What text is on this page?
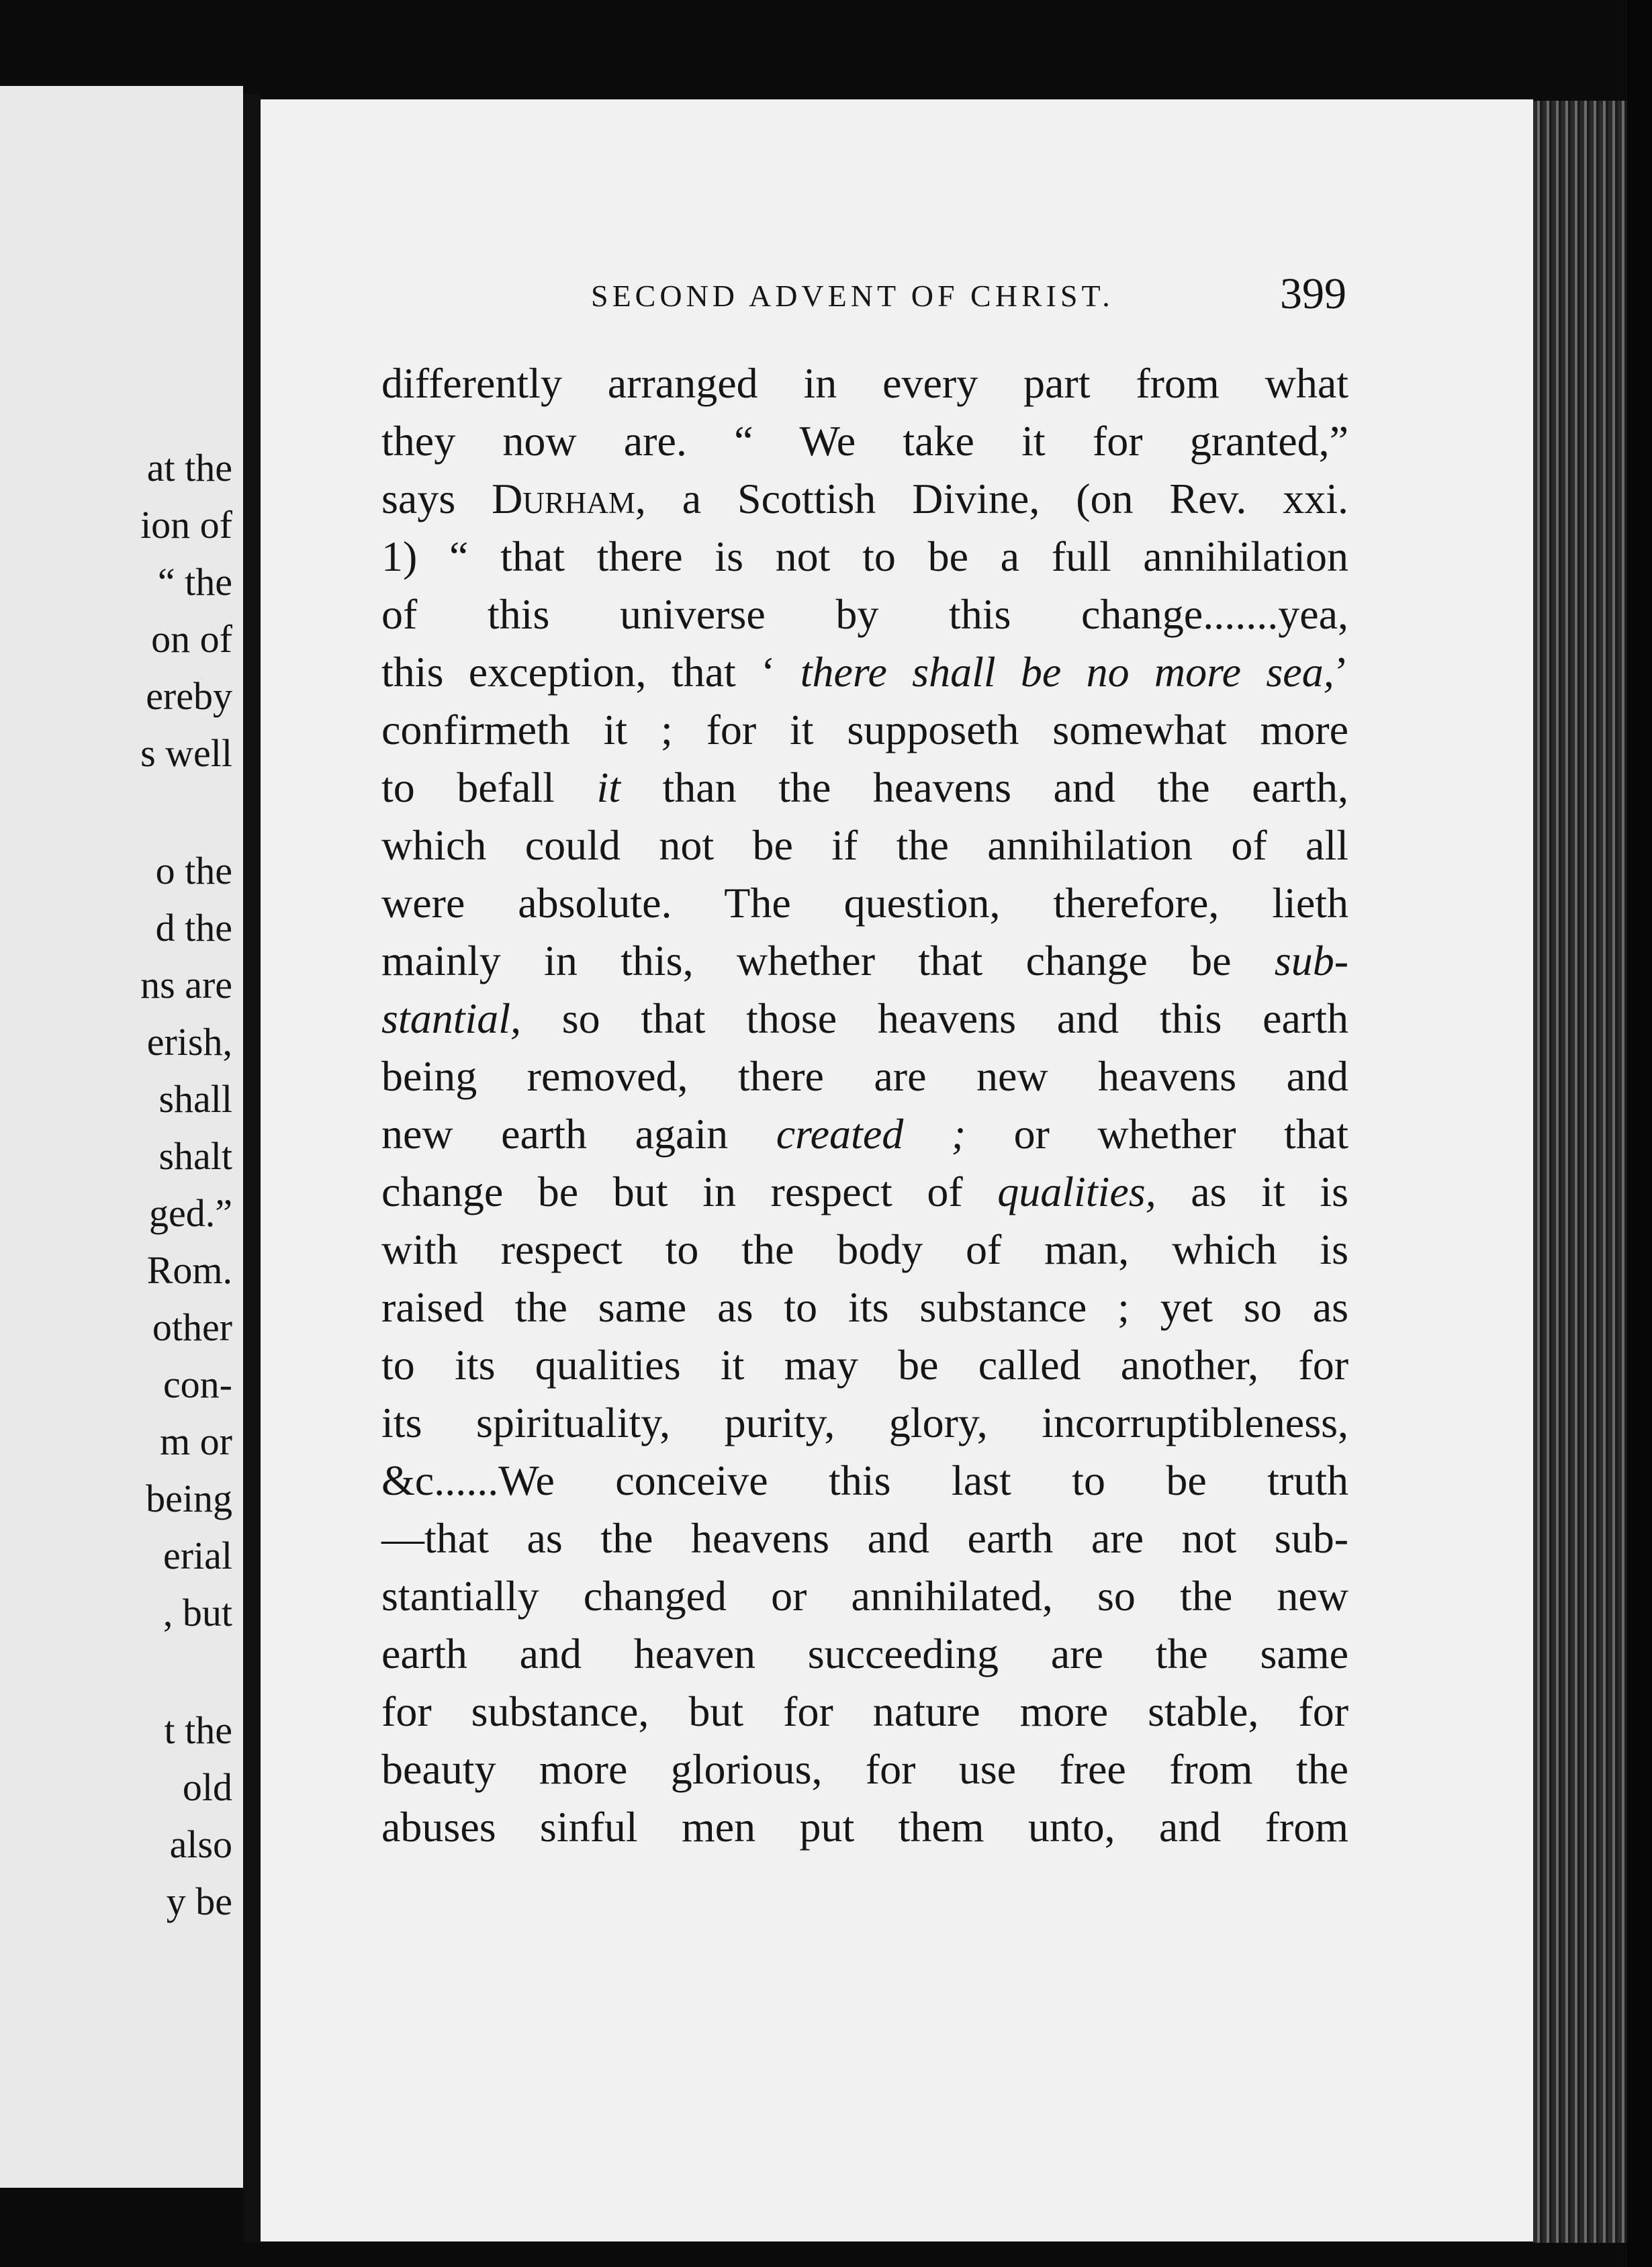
at the
ion of
“ the
on of
ereby
s well
o the
d the
ns are
erish,
shall
shalt
ged.”
Rom.
other
con-
m or
being
erial
, but
t the
old
also
y be
SECOND ADVENT OF CHRIST.	399
differently arranged in every part from what
they now are. “ We take it for granted,”
says Durham, a Scottish Divine, (on Rev. xxi.
1) “ that there is not to be a full annihilation
of this universe by this change.......yea,
this exception, that ‘ there shall be no more sea,’
confirmeth it ; for it supposeth somewhat more
to befall it than the heavens and the earth,
which could not be if the annihilation of all
were absolute. The question, therefore, lieth
mainly in this, whether that change be sub-
stantial, so that those heavens and this earth
being removed, there are new heavens and
new earth again created ; or whether that
change be but in respect of qualities, as it is
with respect to the body of man, which is
raised the same as to its substance ; yet so as
to its qualities it may be called another, for
its spirituality, purity, glory, incorruptibleness,
&c......We conceive this last to be truth
—that as the heavens and earth are not sub-
stantially changed or annihilated, so the new
earth and heaven succeeding are the same
for substance, but for nature more stable, for
beauty more glorious, for use free from the
abuses sinful men put them unto, and from
